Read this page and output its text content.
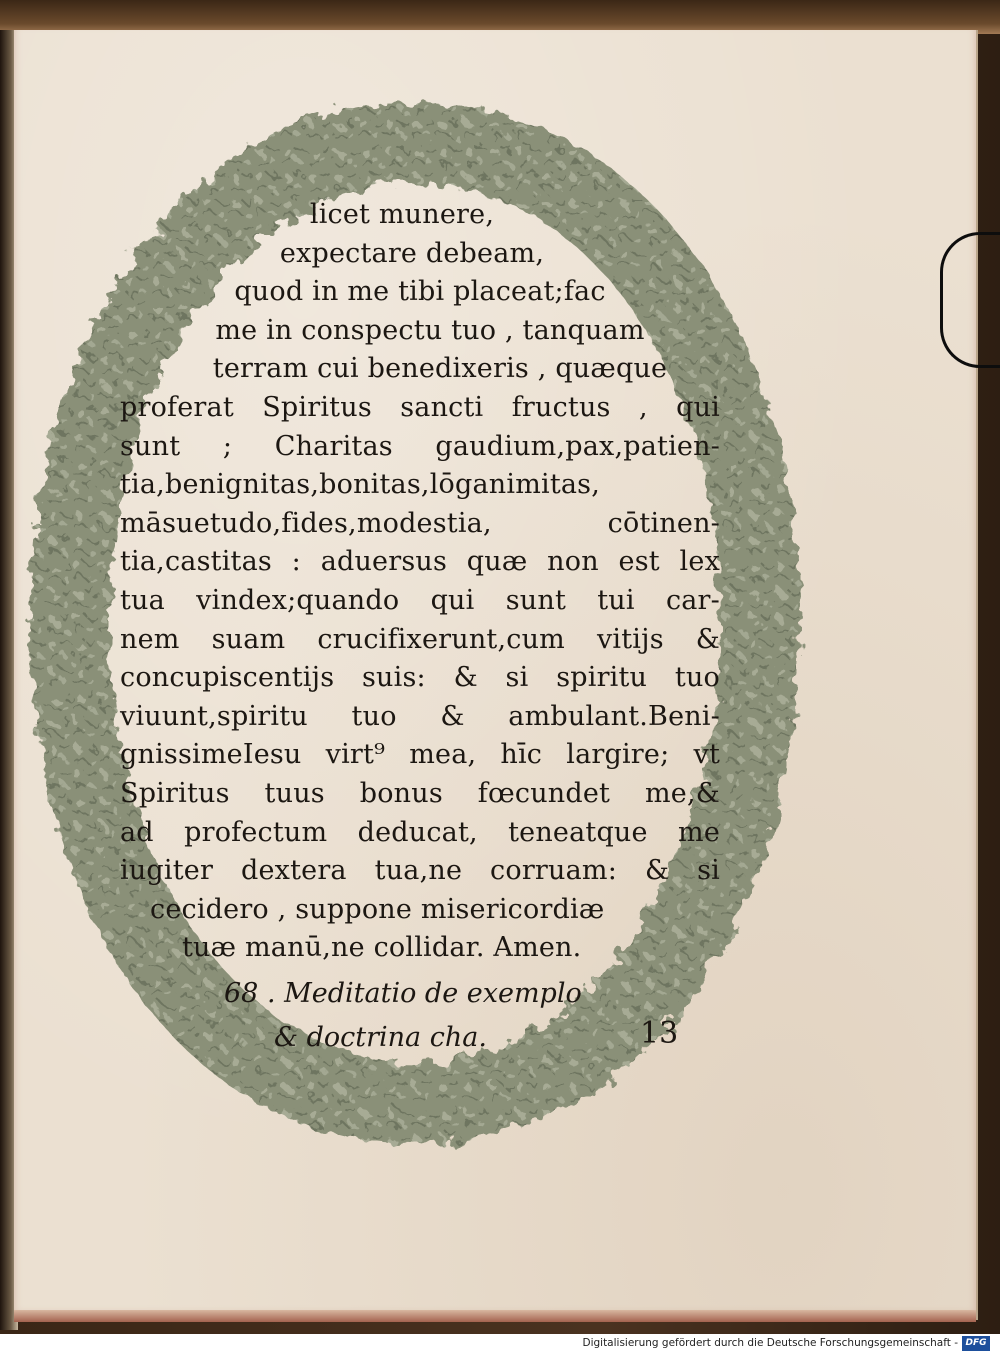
licet munere,
expectare debeam,
quod in me tibi placeat;fac
me in conspectu tuo , tanquam
terram cui benedixeris , quæque
proferat Spiritus sancti fructus , qui
sunt ; Charitas gaudium,pax,patien-
tia,benignitas,bonitas,lōganimitas,
māsuetudo,fides,modestia, cōtinen-
tia,castitas : aduersus quæ non est lex
tua vindex;quando qui sunt tui car-
nem suam crucifixerunt,cum vitijs &
concupiscentijs suis: & si spiritu tuo
viuunt,spiritu tuo & ambulant.Beni-
gnissimeIesu virt⁹ mea, hīc largire; vt
Spiritus tuus bonus fœcundet me,&
ad profectum deducat, teneatque me
iugiter dextera tua,ne corruam: & si
cecidero , suppone misericordiæ
tuæ manū,ne collidar. Amen.
68 . Meditatio de exemplo
& doctrina cha.	13
Digitalisierung gefördert durch die Deutsche Forschungsgemeinschaft - DFG
